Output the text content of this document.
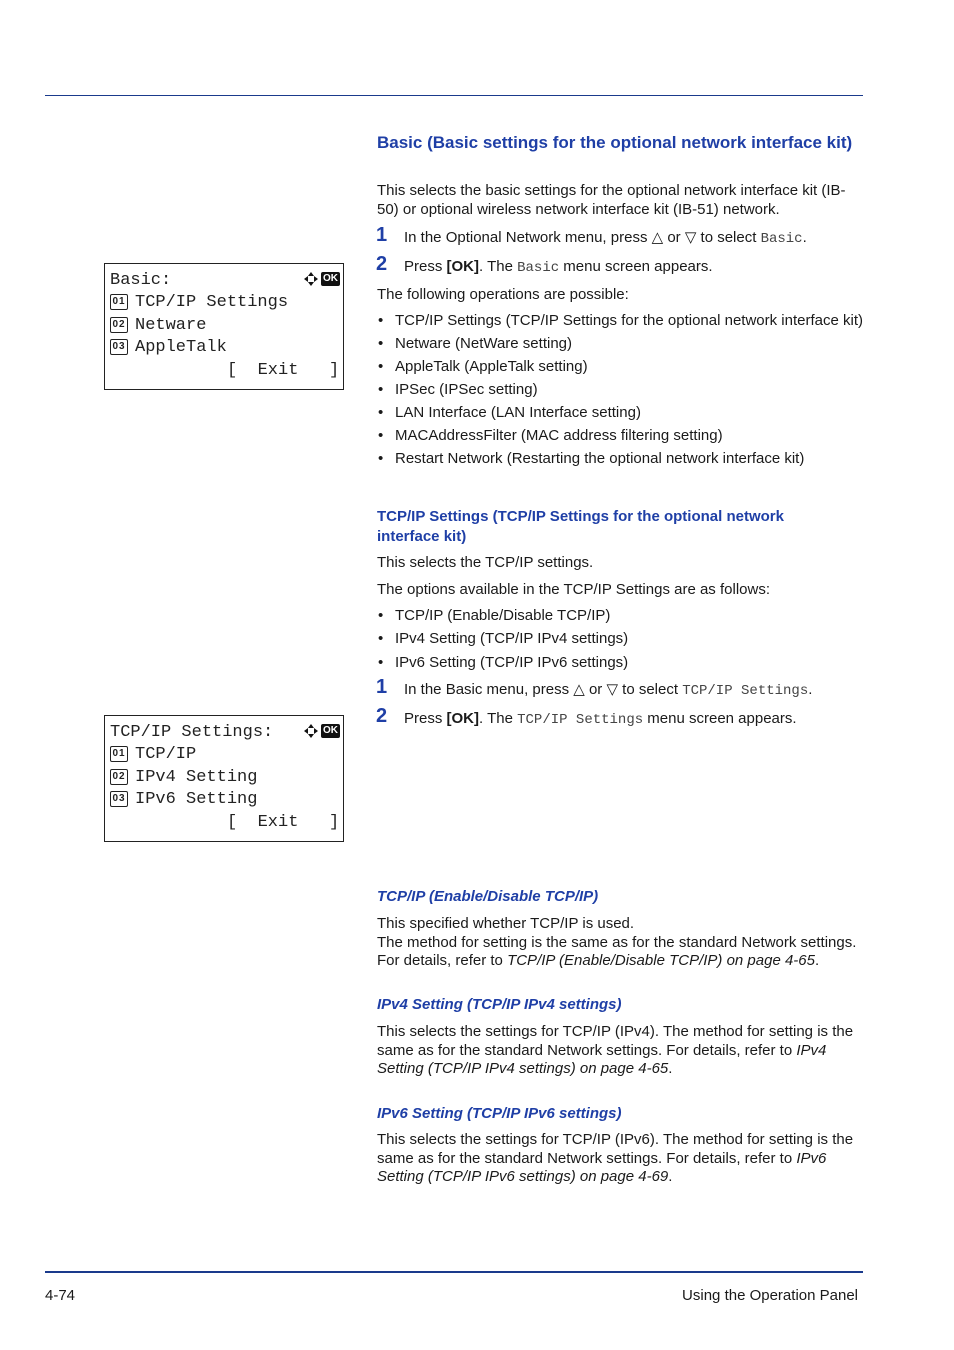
Basic (Basic settings for the optional network interface kit)
This selects the basic settings for the optional network interface kit (IB-50) or optional wireless network interface kit (IB-51) network.
1 In the Optional Network menu, press △ or ▽ to select Basic.
2 Press [OK]. The Basic menu screen appears.
The following operations are possible:
• TCP/IP Settings (TCP/IP Settings for the optional network interface kit)
• Netware (NetWare setting)
• AppleTalk (AppleTalk setting)
• IPSec (IPSec setting)
• LAN Interface (LAN Interface setting)
• MACAddressFilter (MAC address filtering setting)
• Restart Network (Restarting the optional network interface kit)
Basic:	OK
01 TCP/IP Settings
02 Netware
03 AppleTalk
[  Exit   ]
TCP/IP Settings (TCP/IP Settings for the optional network interface kit)
This selects the TCP/IP settings.
The options available in the TCP/IP Settings are as follows:
• TCP/IP (Enable/Disable TCP/IP)
• IPv4 Setting (TCP/IP IPv4 settings)
• IPv6 Setting (TCP/IP IPv6 settings)
1 In the Basic menu, press △ or ▽ to select TCP/IP Settings.
2 Press [OK]. The TCP/IP Settings menu screen appears.
TCP/IP Settings:	OK
01 TCP/IP
02 IPv4 Setting
03 IPv6 Setting
[  Exit   ]
TCP/IP (Enable/Disable TCP/IP)
This specified whether TCP/IP is used.
The method for setting is the same as for the standard Network settings.
For details, refer to TCP/IP (Enable/Disable TCP/IP) on page 4-65.
IPv4 Setting (TCP/IP IPv4 settings)
This selects the settings for TCP/IP (IPv4). The method for setting is the same as for the standard Network settings. For details, refer to IPv4 Setting (TCP/IP IPv4 settings) on page 4-65.
IPv6 Setting (TCP/IP IPv6 settings)
This selects the settings for TCP/IP (IPv6). The method for setting is the same as for the standard Network settings. For details, refer to IPv6 Setting (TCP/IP IPv6 settings) on page 4-69.
4-74	Using the Operation Panel
